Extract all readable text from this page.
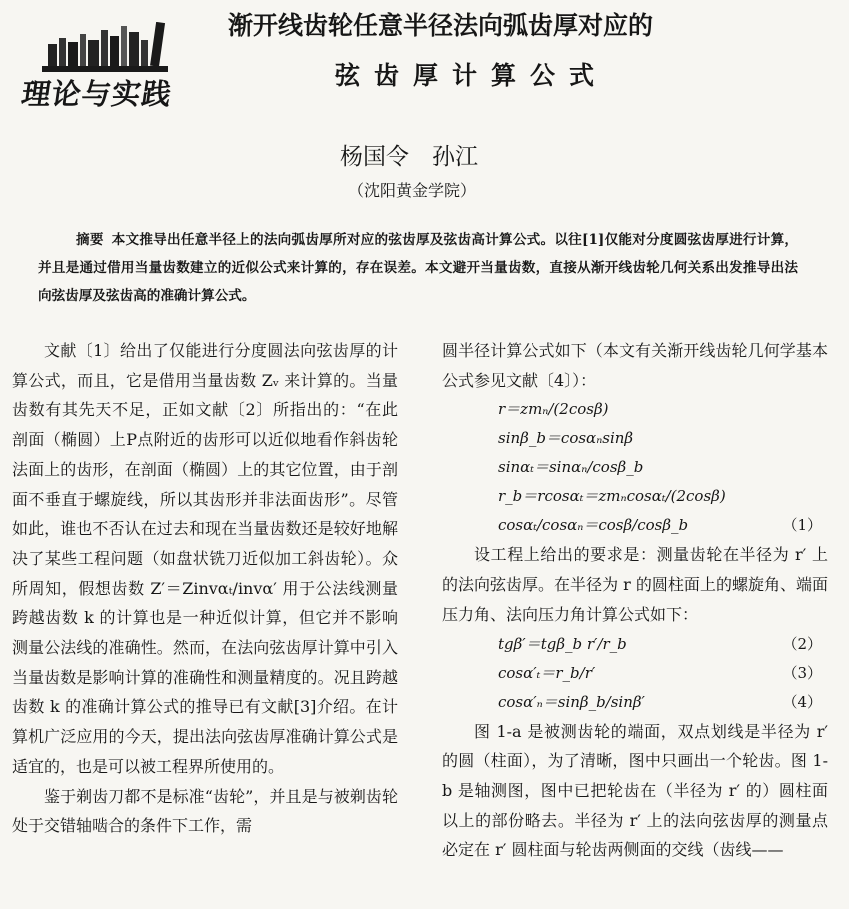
理论与实践
渐开线齿轮任意半径法向弧齿厚对应的
弦齿厚计算公式
杨国令　孙江
（沈阳黄金学院）
摘要 本文推导出任意半径上的法向弧齿厚所对应的弦齿厚及弦齿高计算公式。以往[1]仅能对分度圆弦齿厚进行计算，并且是通过借用当量齿数建立的近似公式来计算的，存在误差。本文避开当量齿数，直接从渐开线齿轮几何关系出发推导出法向弦齿厚及弦齿高的准确计算公式。

文献〔1〕给出了仅能进行分度圆法向弦齿厚的计算公式，而且，它是借用当量齿数 Zᵥ 来计算的。当量齿数有其先天不足，正如文献〔2〕所指出的：“在此剖面（椭圆）上P点附近的齿形可以近似地看作斜齿轮法面上的齿形，在剖面（椭圆）上的其它位置，由于剖面不垂直于螺旋线，所以其齿形并非法面齿形”。尽管如此，谁也不否认在过去和现在当量齿数还是较好地解决了某些工程问题（如盘状铣刀近似加工斜齿轮）。众所周知，假想齿数 Z′＝Zinvαₜ/invα′ 用于公法线测量跨越齿数 k 的计算也是一种近似计算，但它并不影响测量公法线的准确性。然而，在法向弦齿厚计算中引入当量齿数是影响计算的准确性和测量精度的。况且跨越齿数 k 的准确计算公式的推导已有文献[3]介绍。在计算机广泛应用的今天，提出法向弦齿厚准确计算公式是适宜的，也是可以被工程界所使用的。

鉴于剃齿刀都不是标准“齿轮”，并且是与被剃齿轮处于交错轴啮合的条件下工作，需

圆半径计算公式如下（本文有关渐开线齿轮几何学基本公式参见文献〔4〕）：

r＝zmₙ/(2cosβ)
sinβ_b＝cosαₙsinβ
sinαₜ＝sinαₙ/cosβ_b
r_b＝rcosαₜ＝zmₙcosαₜ/(2cosβ)
cosαₜ/cosαₙ＝cosβ/cosβ_b	（1）

设工程上给出的要求是：测量齿轮在半径为 r′ 上的法向弦齿厚。在半径为 r 的圆柱面上的螺旋角、端面压力角、法向压力角计算公式如下：

tgβ′＝tgβ_b r′/r_b	（2）
cosα′ₜ＝r_b/r′	（3）
cosα′ₙ＝sinβ_b/sinβ′	（4）

图 1-a 是被测齿轮的端面，双点划线是半径为 r′ 的圆（柱面），为了清晰，图中只画出一个轮齿。图 1-b 是轴测图，图中已把轮齿在（半径为 r′ 的）圆柱面以上的部份略去。半径为 r′ 上的法向弦齿厚的测量点必定在 r′ 圆柱面与轮齿两侧面的交线（齿线——
